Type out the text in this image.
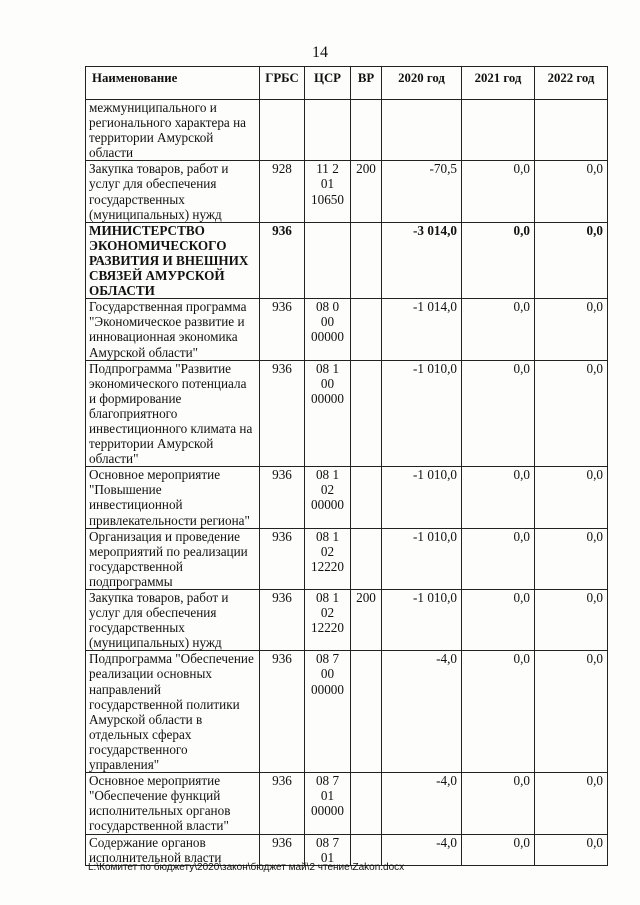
14
Наименование	ГРБС	ЦСР	ВР	2020 год	2021 год	2022 год
межмуниципального и регионального характера на территории Амурской области						
Закупка товаров, работ и услуг для обеспечения государственных (муниципальных) нужд	928	11 2 01 10650	200	-70,5	0,0	0,0
МИНИСТЕРСТВО ЭКОНОМИЧЕСКОГО РАЗВИТИЯ И ВНЕШНИХ СВЯЗЕЙ АМУРСКОЙ ОБЛАСТИ	936			-3 014,0	0,0	0,0
Государственная программа "Экономическое развитие и инновационная экономика Амурской области"	936	08 0 00 00000		-1 014,0	0,0	0,0
Подпрограмма "Развитие экономического потенциала и формирование благоприятного инвестиционного климата на территории Амурской области"	936	08 1 00 00000		-1 010,0	0,0	0,0
Основное мероприятие "Повышение инвестиционной привлекательности региона"	936	08 1 02 00000		-1 010,0	0,0	0,0
Организация и проведение мероприятий по реализации государственной подпрограммы	936	08 1 02 12220		-1 010,0	0,0	0,0
Закупка товаров, работ и услуг для обеспечения государственных (муниципальных) нужд	936	08 1 02 12220	200	-1 010,0	0,0	0,0
Подпрограмма "Обеспечение реализации основных направлений государственной политики Амурской области в отдельных сферах государственного управления"	936	08 7 00 00000		-4,0	0,0	0,0
Основное мероприятие "Обеспечение функций исполнительных органов государственной власти"	936	08 7 01 00000		-4,0	0,0	0,0
Содержание органов исполнительной власти	936	08 7 01		-4,0	0,0	0,0
L:\Комитет по бюджету\2020\закон\бюджет май\2 чтение\Zakon.docx
